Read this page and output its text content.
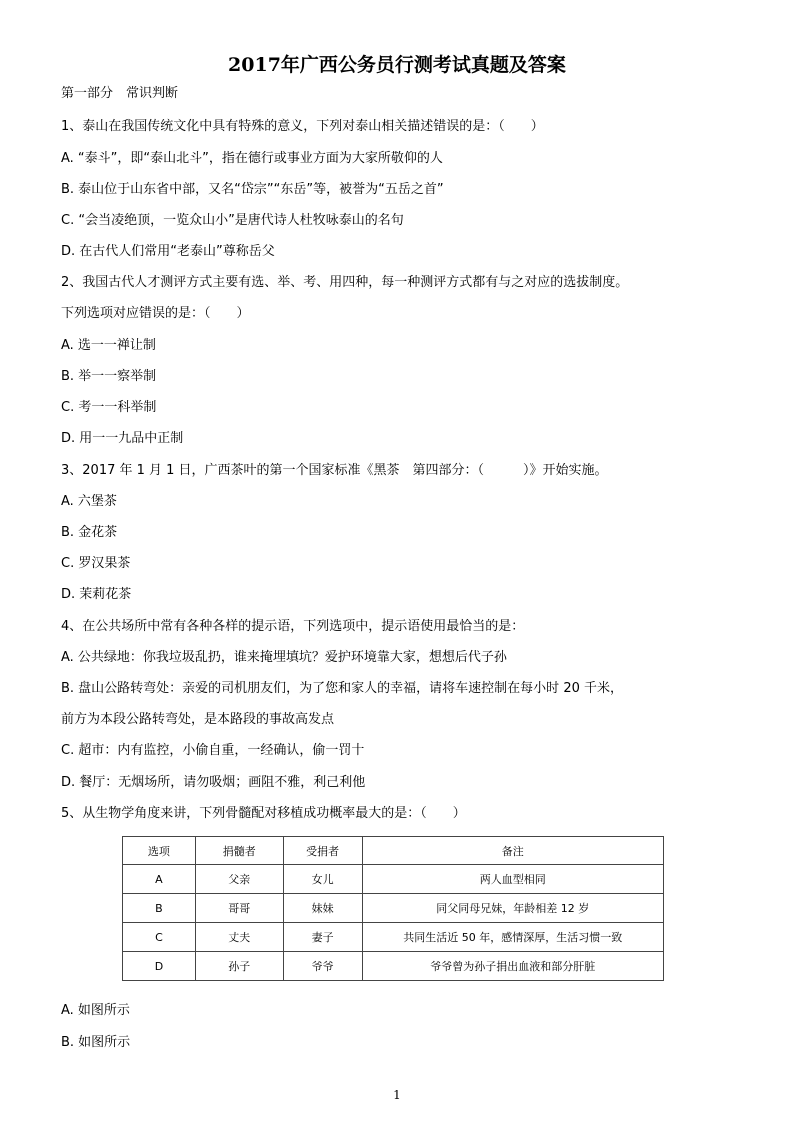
2017年广西公务员行测考试真题及答案
第一部分　常识判断
1、泰山在我国传统文化中具有特殊的意义，下列对泰山相关描述错误的是：（　　）
A. “泰斗”，即“泰山北斗”，指在德行或事业方面为大家所敬仰的人
B. 泰山位于山东省中部，又名“岱宗”“东岳”等，被誉为“五岳之首”
C. “会当凌绝顶，一览众山小”是唐代诗人杜牧咏泰山的名句
D. 在古代人们常用“老泰山”尊称岳父
2、我国古代人才测评方式主要有选、举、考、用四种，每一种测评方式都有与之对应的选拔制度。
下列选项对应错误的是：（　　）
A. 选一一禅让制
B. 举一一察举制
C. 考一一科举制
D. 用一一九品中正制
3、2017 年 1 月 1 日，广西茶叶的第一个国家标准《黑茶　第四部分：（　　　）》开始实施。
A. 六堡茶
B. 金花茶
C. 罗汉果茶
D. 茉莉花茶
4、在公共场所中常有各种各样的提示语，下列选项中，提示语使用最恰当的是：
A. 公共绿地：你我垃圾乱扔，谁来掩埋填坑？爱护环境靠大家，想想后代子孙
B. 盘山公路转弯处：亲爱的司机朋友们，为了您和家人的幸福，请将车速控制在每小时 20 千米，
前方为本段公路转弯处，是本路段的事故高发点
C. 超市：内有监控，小偷自重，一经确认，偷一罚十
D. 餐厅：无烟场所，请勿吸烟；画阻不雅，利己利他
5、从生物学角度来讲，下列骨髓配对移植成功概率最大的是：（　　）
选项	捐髓者	受捐者	备注
A	父亲	女儿	两人血型相同
B	哥哥	妹妹	同父同母兄妹，年龄相差 12 岁
C	丈夫	妻子	共同生活近 50 年，感情深厚，生活习惯一致
D	孙子	爷爷	爷爷曾为孙子捐出血液和部分肝脏
A. 如图所示
B. 如图所示
1
